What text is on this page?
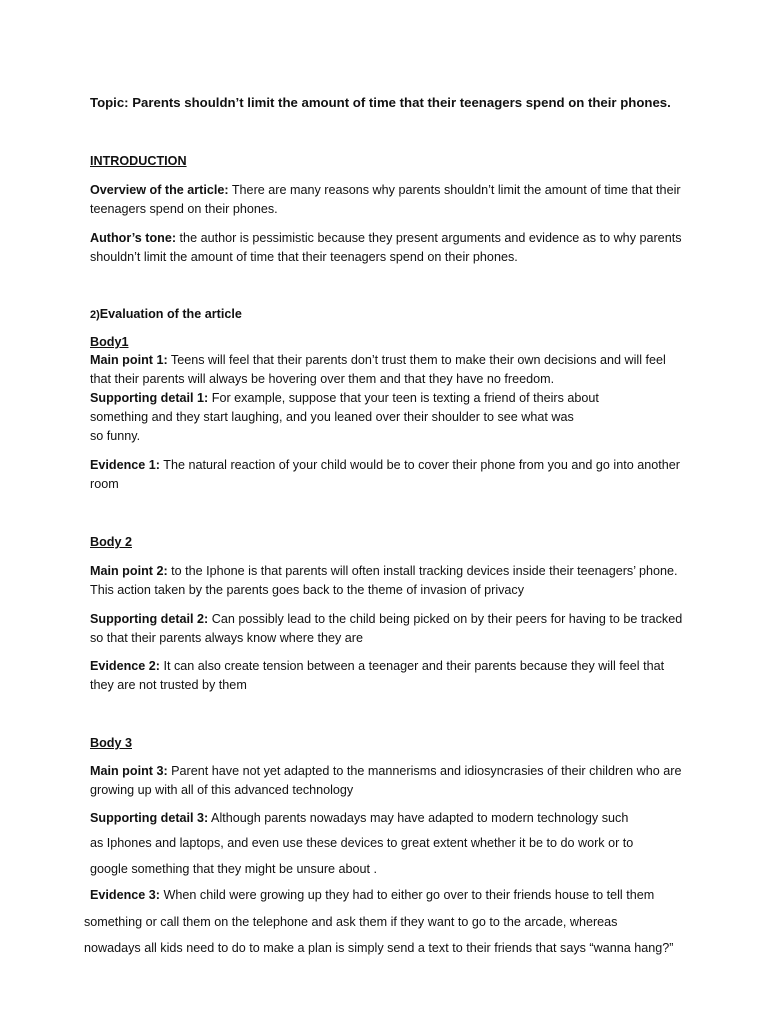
Topic: Parents shouldn’t limit the amount of time that their teenagers spend on their phones.

INTRODUCTION

Overview of the article: There are many reasons why parents shouldn’t limit the amount of time that their teenagers spend on their phones.

Author’s tone: the author is pessimistic because they present arguments and evidence as to why parents shouldn’t limit the amount of time that their teenagers spend on their phones.

2)Evaluation of the article

Body1

Main point 1: Teens will feel that their parents don’t trust them to make their own decisions and will feel that their parents will always be hovering over them and that they have no freedom.

Supporting detail 1: For example, suppose that your teen is texting a friend of theirs about

something and they start laughing, and you leaned over their shoulder to see what was

so funny.

Evidence 1: The natural reaction of your child would be to cover their phone from you and go into another room

Body 2

Main point 2: to the Iphone is that parents will often install tracking devices inside their teenagers’ phone. This action taken by the parents goes back to the theme of invasion of privacy

Supporting detail 2: Can possibly lead to the child being picked on by their peers for having to be tracked so that their parents always know where they are

Evidence 2: It can also create tension between a teenager and their parents because they will feel that they are not trusted by them

Body 3

Main point 3: Parent have not yet adapted to the mannerisms and idiosyncrasies of their children who are growing up with all of this advanced technology

Supporting detail 3: Although parents nowadays may have adapted to modern technology such

as Iphones and laptops, and even use these devices to great extent whether it be to do work or to

google something that they might be unsure about .

Evidence 3: When child were growing up they had to either go over to their friends house to tell them

something or call them on the telephone and ask them if they want to go to the arcade, whereas

nowadays all kids need to do to make a plan is simply send a text to their friends that says “wanna hang?”
